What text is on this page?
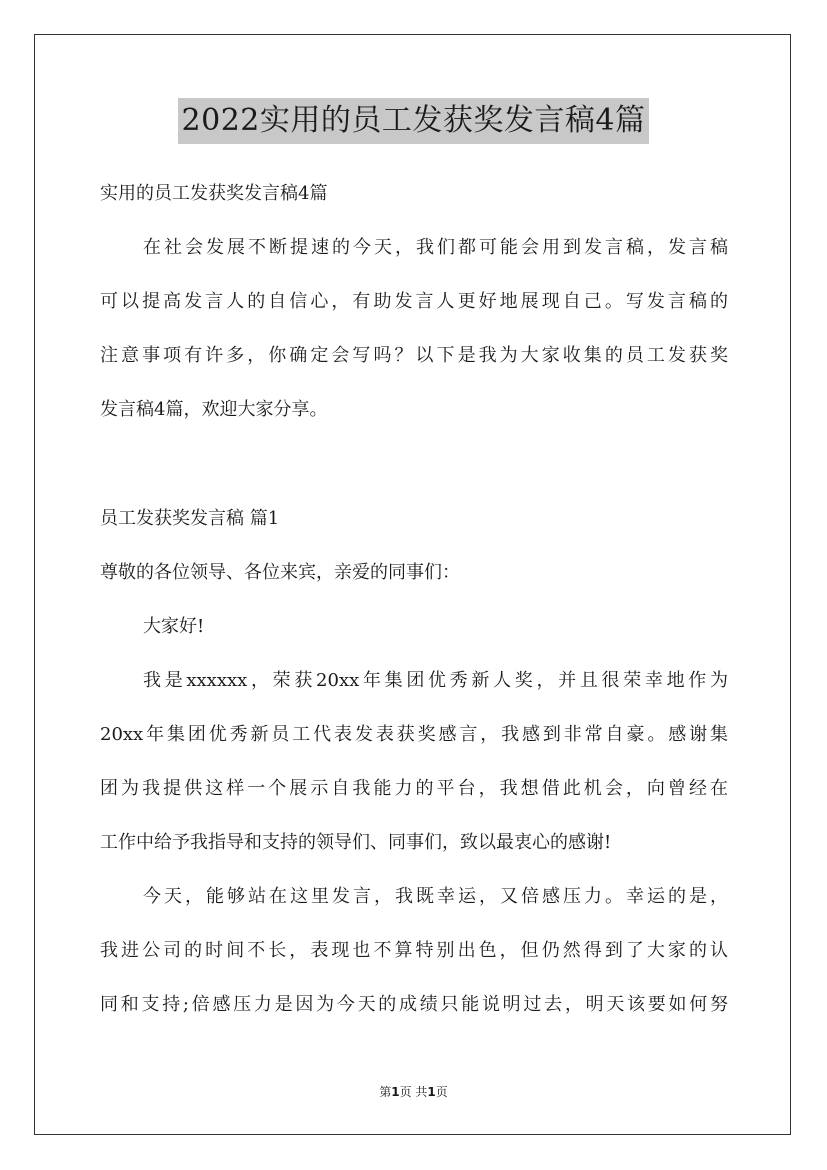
2022实用的员工发获奖发言稿4篇
实用的员工发获奖发言稿4篇
在社会发展不断提速的今天，我们都可能会用到发言稿，发言稿
可以提高发言人的自信心，有助发言人更好地展现自己。写发言稿的
注意事项有许多，你确定会写吗？以下是我为大家收集的员工发获奖
发言稿4篇，欢迎大家分享。
员工发获奖发言稿 篇1
尊敬的各位领导、各位来宾，亲爱的同事们：
大家好!
我是xxxxxx，荣获20xx年集团优秀新人奖，并且很荣幸地作为
20xx年集团优秀新员工代表发表获奖感言，我感到非常自豪。感谢集
团为我提供这样一个展示自我能力的平台，我想借此机会，向曾经在
工作中给予我指导和支持的领导们、同事们，致以最衷心的感谢!
今天，能够站在这里发言，我既幸运，又倍感压力。幸运的是，
我进公司的时间不长，表现也不算特别出色，但仍然得到了大家的认
同和支持;倍感压力是因为今天的成绩只能说明过去，明天该要如何努
第1页 共1页
